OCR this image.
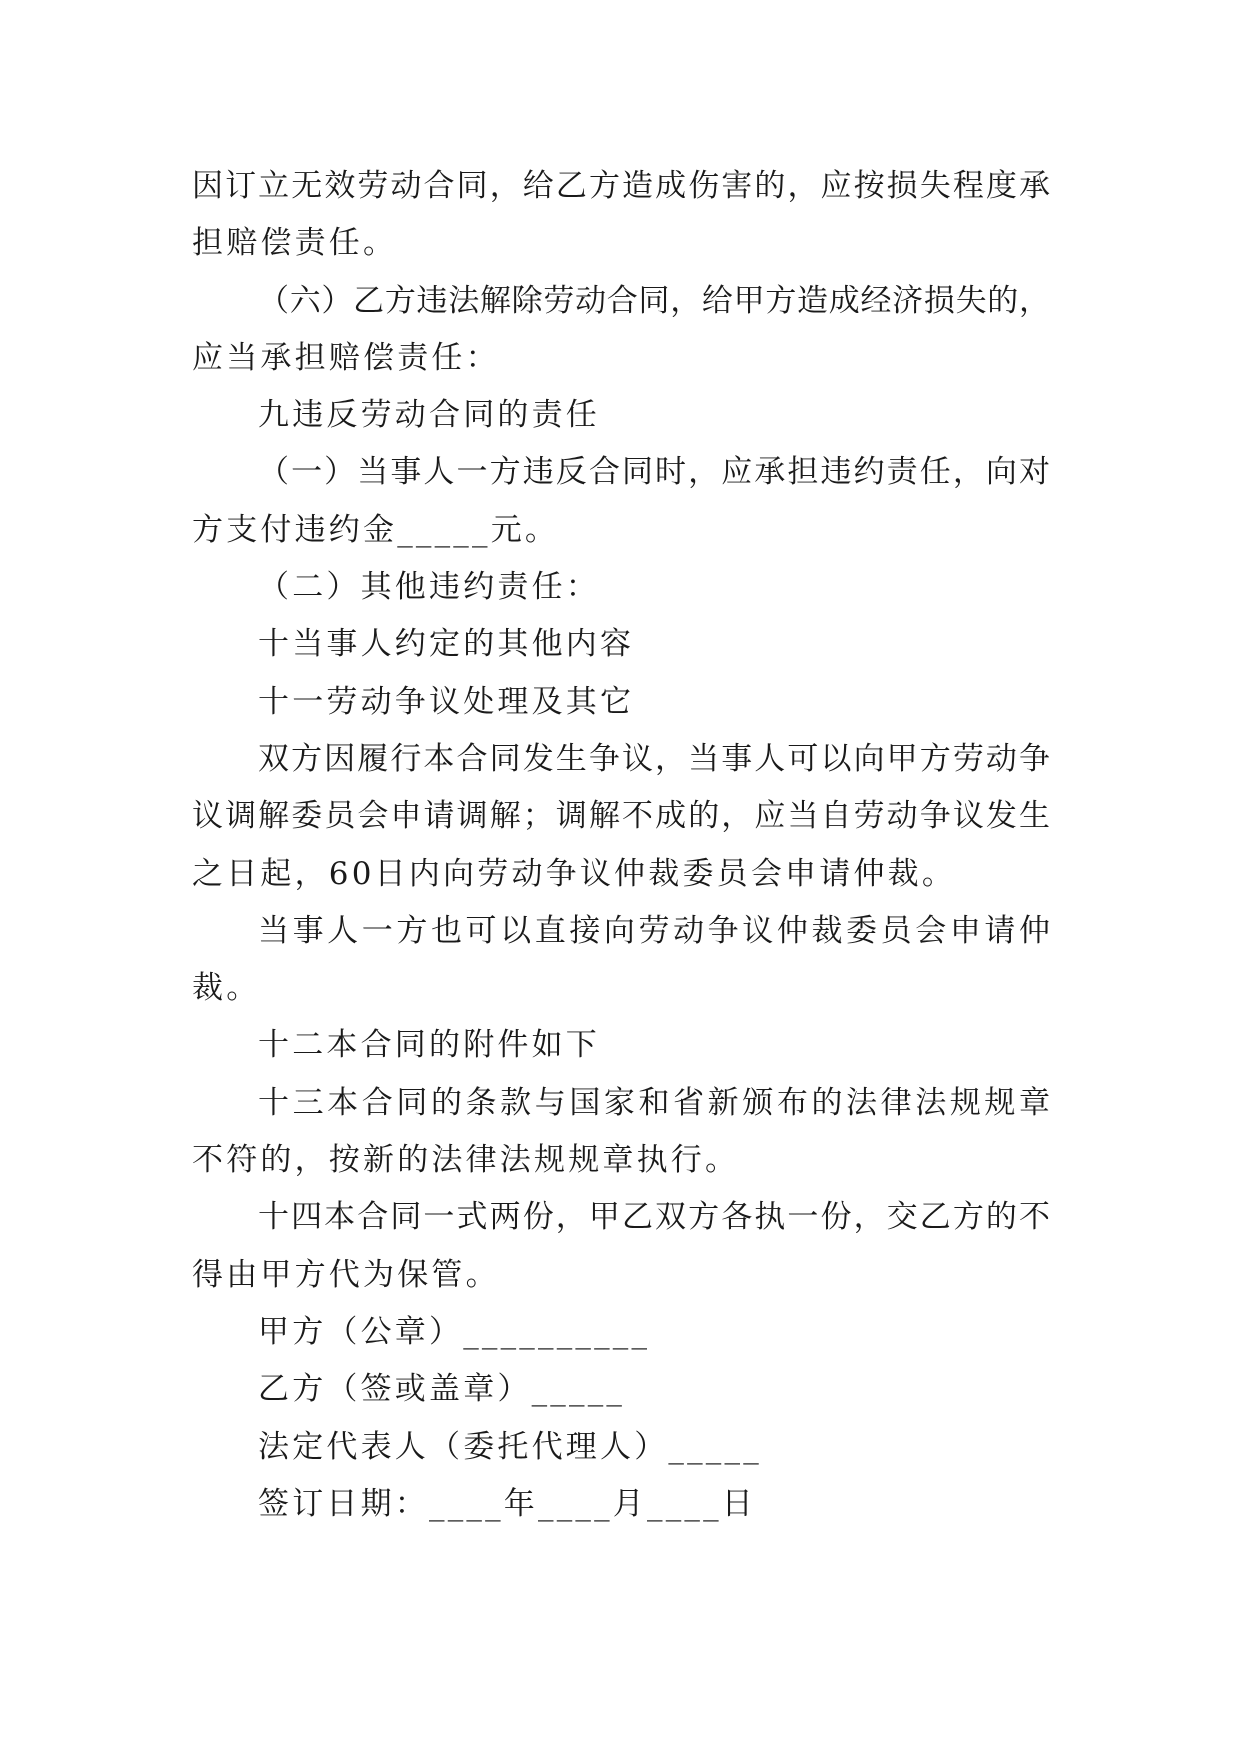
因订立无效劳动合同，给乙方造成伤害的，应按损失程度承
担赔偿责任。
（六）乙方违法解除劳动合同，给甲方造成经济损失的，
应当承担赔偿责任：
九违反劳动合同的责任
（一）当事人一方违反合同时，应承担违约责任，向对
方支付违约金_____元。
（二）其他违约责任：
十当事人约定的其他内容
十一劳动争议处理及其它
双方因履行本合同发生争议，当事人可以向甲方劳动争
议调解委员会申请调解；调解不成的，应当自劳动争议发生
之日起，60日内向劳动争议仲裁委员会申请仲裁。
当事人一方也可以直接向劳动争议仲裁委员会申请仲
裁。
十二本合同的附件如下
十三本合同的条款与国家和省新颁布的法律法规规章
不符的，按新的法律法规规章执行。
十四本合同一式两份，甲乙双方各执一份，交乙方的不
得由甲方代为保管。
甲方（公章）__________
乙方（签或盖章）_____
法定代表人（委托代理人）_____
签订日期：____年____月____日
